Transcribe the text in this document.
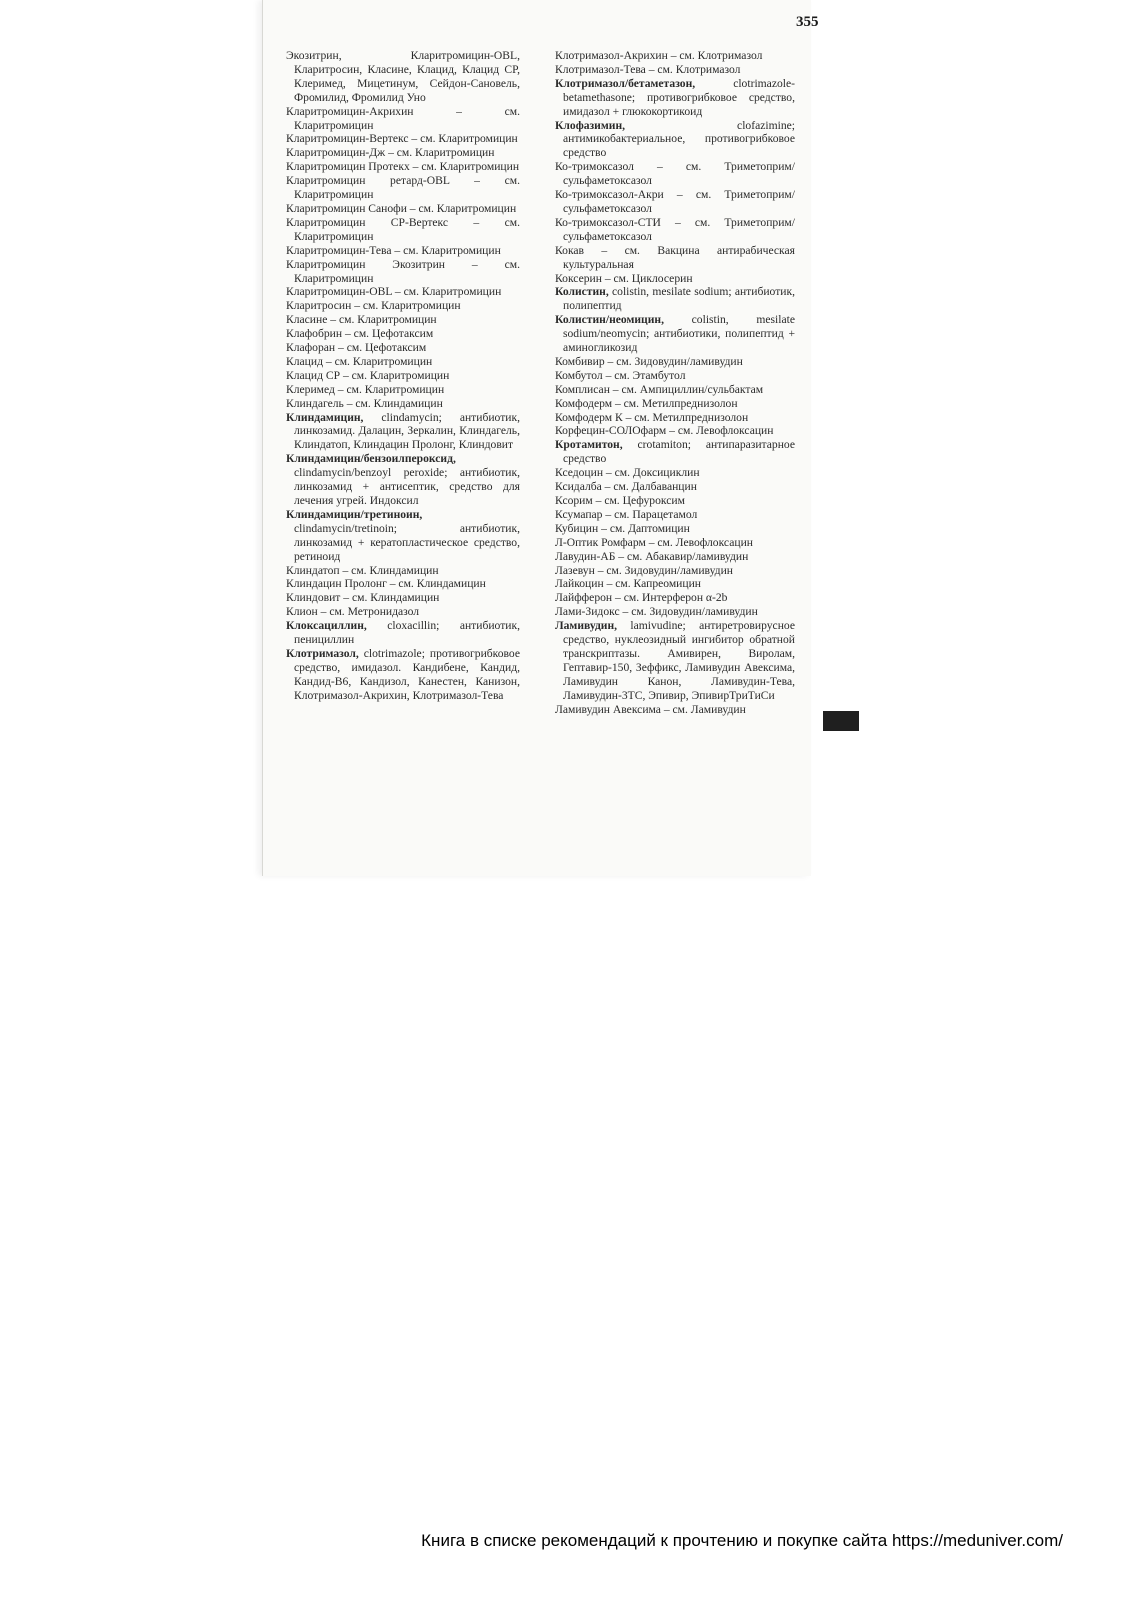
355

Экозитрин, Кларитромицин-OBL, Кларитросин, Класине, Клацид, Клацид СР, Клеримед, Мицетинум, Сейдон-Сановель, Фромилид, Фромилид Уно

Кларитромицин-Акрихин – см. Кларитромицин

Кларитромицин-Вертекс – см. Кларитромицин

Кларитромицин-Дж – см. Кларитромицин

Кларитромицин Протекх – см. Кларитромицин

Кларитромицин ретард-OBL – см. Кларитромицин

Кларитромицин Санофи – см. Кларитромицин

Кларитромицин СР-Вертекс – см. Кларитромицин

Кларитромицин-Тева – см. Кларитромицин

Кларитромицин Экозитрин – см. Кларитромицин

Кларитромицин-OBL – см. Кларитромицин

Кларитросин – см. Кларитромицин

Класине – см. Кларитромицин

Клафобрин – см. Цефотаксим

Клафоран – см. Цефотаксим

Клацид – см. Кларитромицин

Клацид СР – см. Кларитромицин

Клеримед – см. Кларитромицин

Клиндагель – см. Клиндамицин

Клиндамицин, clindamycin; антибиотик, линкозамид. Далацин, Зеркалин, Клиндагель, Клиндатоп, Клиндацин Пролонг, Клиндовит

Клиндамицин/бензоилпероксид, clindamycin/benzoyl peroxide; антибиотик, линкозамид + антисептик, средство для лечения угрей. Индоксил

Клиндамицин/третиноин, clindamycin/tretinoin; антибиотик, линкозамид + кератопластическое средство, ретиноид

Клиндатоп – см. Клиндамицин

Клиндацин Пролонг – см. Клиндамицин

Клиндовит – см. Клиндамицин

Клион – см. Метронидазол

Клоксациллин, cloxacillin; антибиотик, пенициллин

Клотримазол, clotrimazole; противогрибковое средство, имидазол. Кандибене, Кандид, Кандид-В6, Кандизол, Канестен, Канизон, Клотримазол-Акрихин, Клотримазол-Тева

Клотримазол-Акрихин – см. Клотримазол

Клотримазол-Тева – см. Клотримазол

Клотримазол/бетаметазон, clotrimazole-betamethasone; противогрибковое средство, имидазол + глюкокортикоид

Клофазимин, clofazimine; антимикобактериальное, противогрибковое средство

Ко-тримоксазол – см. Триметоприм/сульфаметоксазол

Ко-тримоксазол-Акри – см. Триметоприм/сульфаметоксазол

Ко-тримоксазол-СТИ – см. Триметоприм/сульфаметоксазол

Кокав – см. Вакцина антирабическая культуральная

Коксерин – см. Циклосерин

Колистин, colistin, mesilate sodium; антибиотик, полипептид

Колистин/неомицин, colistin, mesilate sodium/neomycin; антибиотики, полипептид + аминогликозид

Комбивир – см. Зидовудин/ламивудин

Комбутол – см. Этамбутол

Комплисан – см. Ампициллин/сульбактам

Комфодерм – см. Метилпреднизолон

Комфодерм К – см. Метилпреднизолон

Корфецин-СОЛОфарм – см. Левофлоксацин

Кротамитон, crotamiton; антипаразитарное средство

Кседоцин – см. Доксициклин

Ксидалба – см. Далбаванцин

Ксорим – см. Цефуроксим

Ксумапар – см. Парацетамол

Кубицин – см. Даптомицин

Л-Оптик Ромфарм – см. Левофлоксацин

Лавудин-АБ – см. Абакавир/ламивудин

Лазевун – см. Зидовудин/ламивудин

Лайкоцин – см. Капреомицин

Лайфферон – см. Интерферон α-2b

Лами-Зидокс – см. Зидовудин/ламивудин

Ламивудин, lamivudine; антиретровирусное средство, нуклеозидный ингибитор обратной транскриптазы. Амивирен, Виролам, Гептавир-150, Зеффикс, Ламивудин Авексима, Ламивудин Канон, Ламивудин-Тева, Ламивудин-3ТС, Эпивир, ЭпивирТриТиСи

Ламивудин Авексима – см. Ламивудин

Книга в списке рекомендаций к прочтению и покупке сайта https://meduniver.com/
